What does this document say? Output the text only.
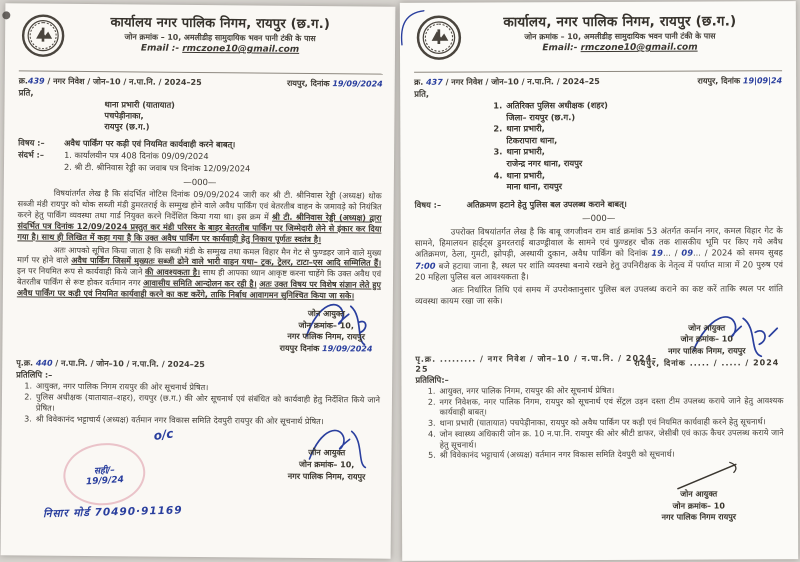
कार्यालय नगर पालिक निगम, रायपुर (छ.ग.)
जोन क्रमांक – 10, अमलीडीह सामुदायिक भवन पानी टंकी के पास
Email :- rmczone10@gmail.com
क्र.439 / नगर निवेश / जोन–10 / न.पा.नि. / 2024–25	रायपुर, दिनांक 19/09/2024
प्रति,
थाना प्रभारी (यातायात)
पचपेड़ीनाका,
रायपुर (छ.ग.)
विषय :–	अवैध पार्किंग पर कड़ी एवं नियमित कार्यवाही करने बाबत्।
संदर्भ :–	1. कार्यालयीन पत्र 408 दिनांक 09/09/2024
2. श्री टी. श्रीनिवास रेड्डी का जवाब पत्र दिनांक 12/09/2024
—000—
विषयांतर्गत लेख है कि संदर्भित नोटिस दिनांक 09/09/2024 जारी कर श्री टी. श्रीनिवास रेड्डी (अध्यक्ष) थोक सब्जी मंडी रायपुर को थोक सब्जी मंडी डुमरतराई के सम्मुख होने वाले अवैध पार्किंग एवं बेतरतीब वाहन के जमावड़े को नियंत्रित करने हेतु पार्किंग व्यवस्था तथा गार्ड नियुक्त करने निर्देशित किया गया था। इस क्रम में श्री टी. श्रीनिवास रेड्डी (अध्यक्ष) द्वारा संदर्भित पत्र दिनांक 12/09/2024 प्रस्तुत कर मंडी परिसर के बाहर बेतरतीब पार्किंग पर जिम्मेदारी लेने से इंकार कर दिया गया है। साथ ही लिखित में कहा गया है कि उक्त अवैध पार्किंग पर कार्यवाही हेतु निकाय पूर्णतः स्वतंत्र है।
अतः आपको सूचित किया जाता है कि सब्जी मंडी के सम्मुख तथा कमल विहार मैन गेट से फुण्डहर जाने वाले मुख्य मार्ग पर होने वाले अवैध पार्किंग जिसमें मुख्यतः सब्जी ढोने वाले भारी वाहन यथा– ट्रक, ट्रेलर, टाटा–एस आदि सम्मिलित हैं। इन पर नियमित रूप से कार्यवाही किये जाने की आवश्यकता है। साथ ही आपका ध्यान आकृष्ट करना चाहेंगे कि उक्त अवैध एवं बेतरतीब पार्किंग से रूष्ट होकर वर्तमान नगर आवासीय समिति आन्दोलन कर रही है। अतः उक्त विषय पर विशेष संज्ञान लेते हुए अवैध पार्किंग पर कड़ी एवं नियमित कार्यवाही करने का कष्ट करेंगे, ताकि निर्बाध आवागमन सुनिश्चित किया जा सके।
जोन आयुक्त
जोन क्रमांक– 10,
नगर पालिक निगम, रायपुर
रायपुर दिनांक 19/09/2024
पृ.क्र. 440 / न.पा.नि. / जोन–10 / न.पा.नि. / 2024–25
प्रतिलिपि :–
1. आयुक्त, नगर पालिक निगम रायपुर की ओर सूचनार्थ प्रेषित।
2. पुलिस अधीक्षक (यातायात–शहर), रायपुर (छ.ग.) की ओर सूचनार्थ एवं संबंधित को कार्यवाही हेतु निर्देशित किये जाने प्रेषित।
3. श्री विवेकानंद भट्टाचार्य (अध्यक्ष) वर्तमान नगर विकास समिति देवपुरी रायपुर की ओर सूचनार्थ प्रेषित।
o/c
सही/–
19/9/24
निसार मोर्ड 70490·91169
जोन आयुक्त
जोन क्रमांक– 10,
नगर पालिक निगम, रायपुर
कार्यालय, नगर पालिक निगम, रायपुर (छ.ग.)
जोन क्रमांक – 10, अमलीडीह सामुदायिक भवन पानी टंकी के पास
Email:- rmczone10@gmail.com
क्र. 437 / नगर निवेश / जोन–10 / न.पा.नि. / 2024–25	रायपुर, दिनांक 19|09|24
प्रति,
1. अतिरिक्त पुलिस अधीक्षक (शहर)
जिला– रायपुर (छ.ग.)
2. थाना प्रभारी,
टिकरापारा थाना,
3. थाना प्रभारी,
राजेन्द्र नगर थाना, रायपुर
4. थाना प्रभारी,
माना थाना, रायपुर
विषय :–	अतिक्रमण हटाने हेतु पुलिस बल उपलब्ध कराने बाबत्।
—000—
उपरोक्त विषयांतर्गत लेख है कि बाबू जगजीवन राम वार्ड क्रमांक 53 अंतर्गत कर्मान नगर, कमल विहार गेट के सामने, हिमालयन हाईट्स डुमरतराई बाउण्ड्रीवाल के सामने एवं फुण्डहर चौक तक शासकीय भूमि पर किए गये अवैध अतिक्रमण, ठेला, गुमटी, झोपड़ी, अस्थायी दुकान, अवैध पार्किंग को दिनांक 19... / 09... / 2024 को समय सुबह 7:00 बजे हटाया जाना है, स्थल पर शांति व्यवस्था बनाये रखने हेतु उपनिरीक्षक के नेतृत्व में पर्याप्त मात्रा में 20 पुरुष एवं 20 महिला पुलिस बल आवश्यकता है।
अतः निर्धारित तिथि एवं समय में उपरोक्तानुसार पुलिस बल उपलब्ध कराने का कष्ट करें ताकि स्थल पर शांति व्यवस्था कायम रखा जा सके।
जोन आयुक्त
जोन क्रमांक– 10
नगर पालिक निगम, रायपुर
रायपुर, दिनांक ..... / ..... / 2024
पृ.क्र. ......... / नगर निवेश / जोन–10 / न.पा.नि. / 2024–25
प्रतिलिपि:–
1. आयुक्त, नगर पालिक निगम, रायपुर की ओर सूचनार्थ प्रेषित।
2. नगर निवेशक, नगर पालिक निगम, रायपुर को सूचनार्थ एवं सेंट्रल उड़न दस्ता टीम उपलब्ध कराये जाने हेतु आवश्यक कार्यवाही बाबत्।
3. थाना प्रभारी (यातायात) पचपेड़ीनाका, रायपुर को अवैध पार्किंग पर कड़ी एवं नियमित कार्यवाही करने हेतु सूचनार्थ।
4. जोन स्वास्थ्य अधिकारी जोन क्र. 10 न.पा.नि. रायपुर की ओर श्रीटी डाफर, जेसीबी एवं काऊ कैचर उपलब्ध कराये जाने हेतु सूचनार्थ।
5. श्री विवेकानंद भट्टाचार्य (अध्यक्ष) वर्तमान नगर विकास समिति देवपुरी को सूचनार्थ।
जोन आयुक्त
जोन क्रमांक– 10
नगर पालिक निगम रायपुर
